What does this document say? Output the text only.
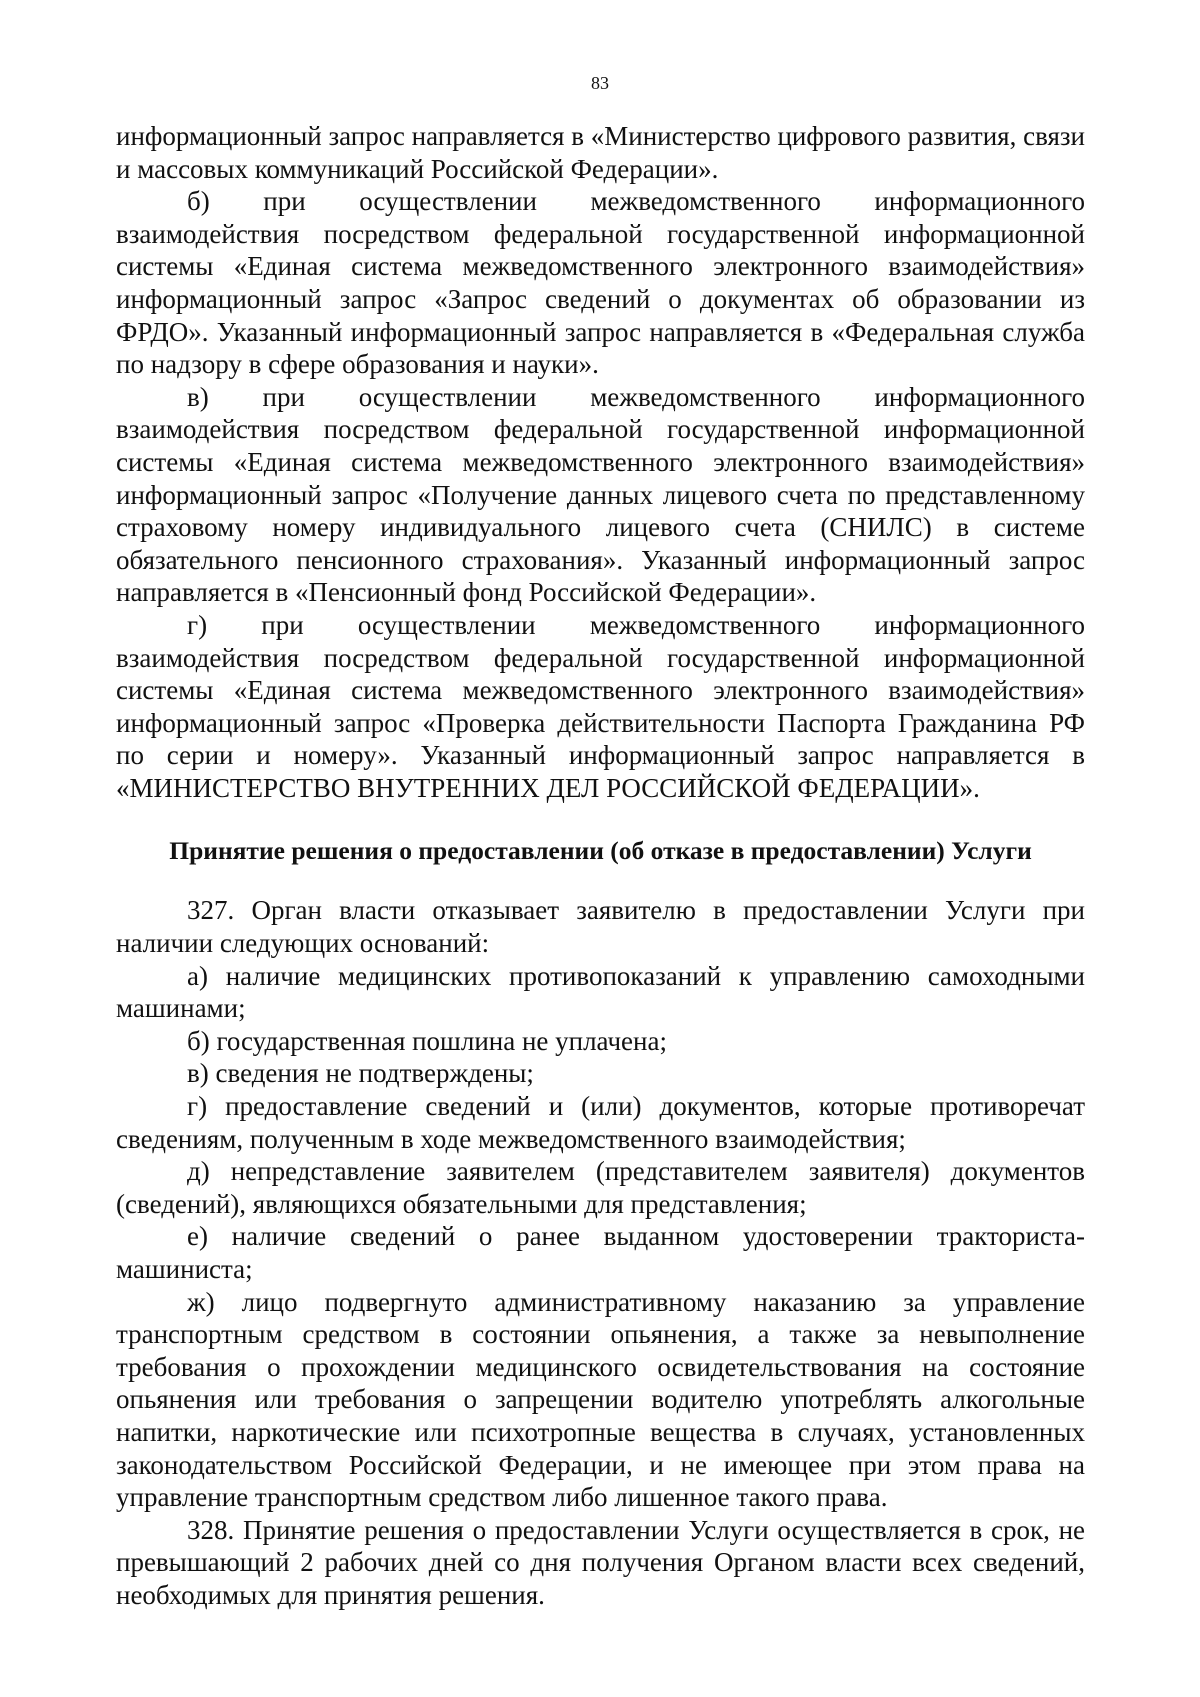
83

информационный запрос направляется в «Министерство цифрового развития, связи и массовых коммуникаций Российской Федерации».

б) при осуществлении межведомственного информационного взаимодействия посредством федеральной государственной информационной системы «Единая система межведомственного электронного взаимодействия» информационный запрос «Запрос сведений о документах об образовании из ФРДО». Указанный информационный запрос направляется в «Федеральная служба по надзору в сфере образования и науки».

в) при осуществлении межведомственного информационного взаимодействия посредством федеральной государственной информационной системы «Единая система межведомственного электронного взаимодействия» информационный запрос «Получение данных лицевого счета по представленному страховому номеру индивидуального лицевого счета (СНИЛС) в системе обязательного пенсионного страхования». Указанный информационный запрос направляется в «Пенсионный фонд Российской Федерации».

г) при осуществлении межведомственного информационного взаимодействия посредством федеральной государственной информационной системы «Единая система межведомственного электронного взаимодействия» информационный запрос «Проверка действительности Паспорта Гражданина РФ по серии и номеру». Указанный информационный запрос направляется в «МИНИСТЕРСТВО ВНУТРЕННИХ ДЕЛ РОССИЙСКОЙ ФЕДЕРАЦИИ».

Принятие решения о предоставлении (об отказе в предоставлении) Услуги

327. Орган власти отказывает заявителю в предоставлении Услуги при наличии следующих оснований:

а) наличие медицинских противопоказаний к управлению самоходными машинами;

б) государственная пошлина не уплачена;

в) сведения не подтверждены;

г) предоставление сведений и (или) документов, которые противоречат сведениям, полученным в ходе межведомственного взаимодействия;

д) непредставление заявителем (представителем заявителя) документов (сведений), являющихся обязательными для представления;

е) наличие сведений о ранее выданном удостоверении тракториста-машиниста;

ж) лицо подвергнуто административному наказанию за управление транспортным средством в состоянии опьянения, а также за невыполнение требования о прохождении медицинского освидетельствования на состояние опьянения или требования о запрещении водителю употреблять алкогольные напитки, наркотические или психотропные вещества в случаях, установленных законодательством Российской Федерации, и не имеющее при этом права на управление транспортным средством либо лишенное такого права.

328. Принятие решения о предоставлении Услуги осуществляется в срок, не превышающий 2 рабочих дней со дня получения Органом власти всех сведений, необходимых для принятия решения.
